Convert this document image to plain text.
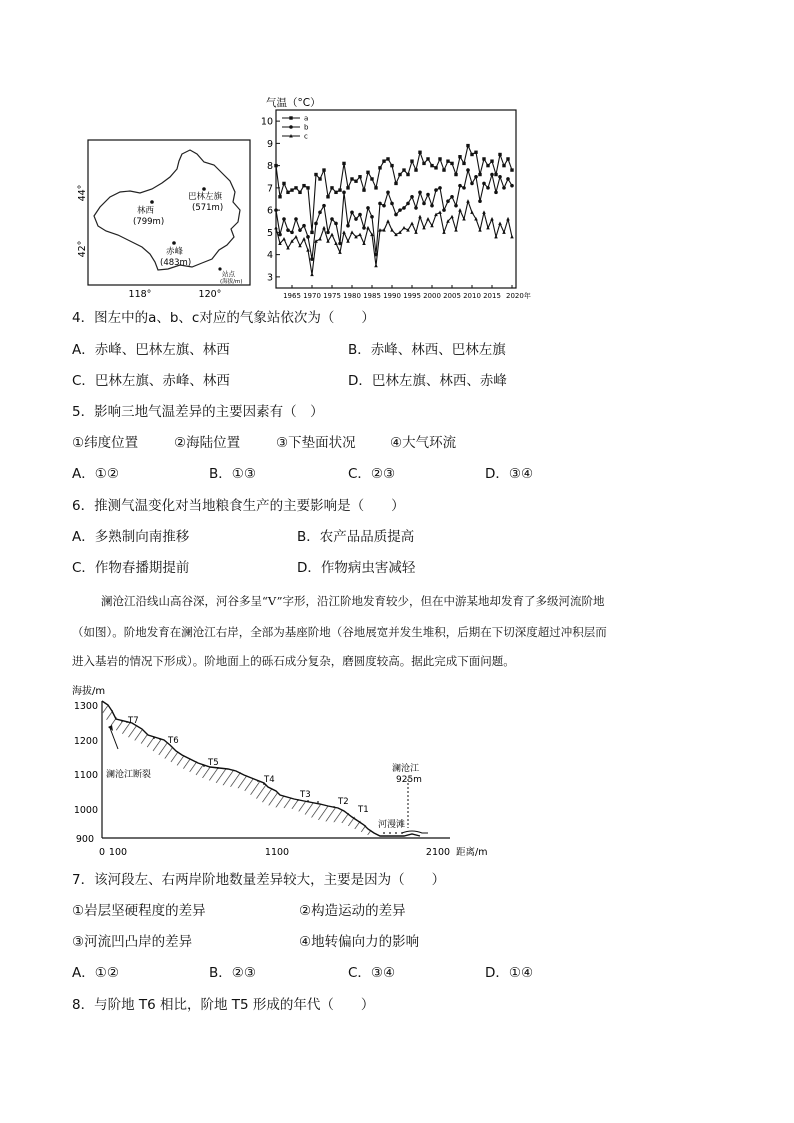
巴林左旗
(571m)
林西
(799m)
赤峰
(483m)
站点
(海拔/m)
44°
42°
118°	120°
气温（°C）
3
4
5
6
7
8
9
10
1965 1970 1975 1980 1985 1990 1995 2000 2005 2010 2015 2020年
a
b
c
4．图左中的a、b、c对应的气象站依次为（　　）
A．赤峰、巴林左旗、林西	B．赤峰、林西、巴林左旗
C．巴林左旗、赤峰、林西	D．巴林左旗、林西、赤峰
5．影响三地气温差异的主要因素有（　）
①纬度位置	②海陆位置	③下垫面状况	④大气环流
A．①②	B．①③	C．②③	D．③④
6．推测气温变化对当地粮食生产的主要影响是（　　）
A．多熟制向南推移	B．农产品品质提高
C．作物春播期提前	D．作物病虫害减轻
澜沧江沿线山高谷深，河谷多呈“V”字形，沿江阶地发育较少，但在中游某地却发育了多级河流阶地
（如图）。阶地发育在澜沧江右岸，全部为基座阶地（谷地展宽并发生堆积，后期在下切深度超过冲积层而
进入基岩的情况下形成）。阶地面上的砾石成分复杂，磨圆度较高。据此完成下面问题。
海拔/m
1300
1200
1100
1000
900
0 100	1100	2100 距离/m
T7
T6
T5
T4
T3
T2
T1
澜沧江断裂
澜沧江
925m
河漫滩
7．该河段左、右两岸阶地数量差异较大，主要是因为（　　）
①岩层坚硬程度的差异	②构造运动的差异
③河流凹凸岸的差异	④地转偏向力的影响
A．①②	B．②③	C．③④	D．①④
8．与阶地 T6 相比，阶地 T5 形成的年代（　　）
